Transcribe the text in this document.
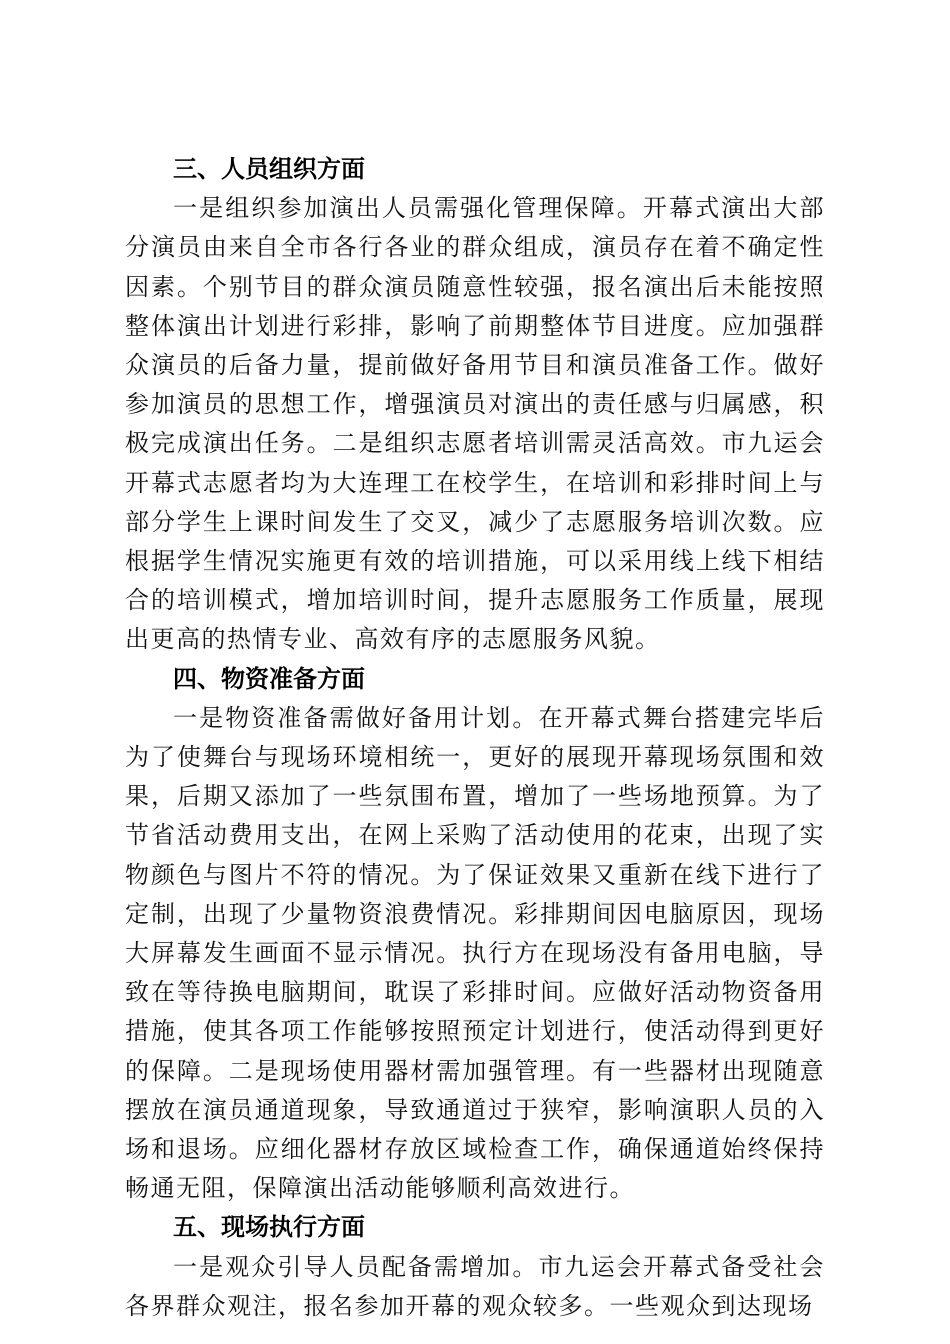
三、人员组织方面

一是组织参加演出人员需强化管理保障。开幕式演出大部分演员由来自全市各行各业的群众组成，演员存在着不确定性因素。个别节目的群众演员随意性较强，报名演出后未能按照整体演出计划进行彩排，影响了前期整体节目进度。应加强群众演员的后备力量，提前做好备用节目和演员准备工作。做好参加演员的思想工作，增强演员对演出的责任感与归属感，积极完成演出任务。二是组织志愿者培训需灵活高效。市九运会开幕式志愿者均为大连理工在校学生，在培训和彩排时间上与部分学生上课时间发生了交叉，减少了志愿服务培训次数。应根据学生情况实施更有效的培训措施，可以采用线上线下相结合的培训模式，增加培训时间，提升志愿服务工作质量，展现出更高的热情专业、高效有序的志愿服务风貌。

四、物资准备方面

一是物资准备需做好备用计划。在开幕式舞台搭建完毕后为了使舞台与现场环境相统一，更好的展现开幕现场氛围和效果，后期又添加了一些氛围布置，增加了一些场地预算。为了节省活动费用支出，在网上采购了活动使用的花束，出现了实物颜色与图片不符的情况。为了保证效果又重新在线下进行了定制，出现了少量物资浪费情况。彩排期间因电脑原因，现场大屏幕发生画面不显示情况。执行方在现场没有备用电脑，导致在等待换电脑期间，耽误了彩排时间。应做好活动物资备用措施，使其各项工作能够按照预定计划进行，使活动得到更好的保障。二是现场使用器材需加强管理。有一些器材出现随意摆放在演员通道现象，导致通道过于狭窄，影响演职人员的入场和退场。应细化器材存放区域检查工作，确保通道始终保持畅通无阻，保障演出活动能够顺利高效进行。

五、现场执行方面

一是观众引导人员配备需增加。市九运会开幕式备受社会各界群众观注，报名参加开幕的观众较多。一些观众到达现场
